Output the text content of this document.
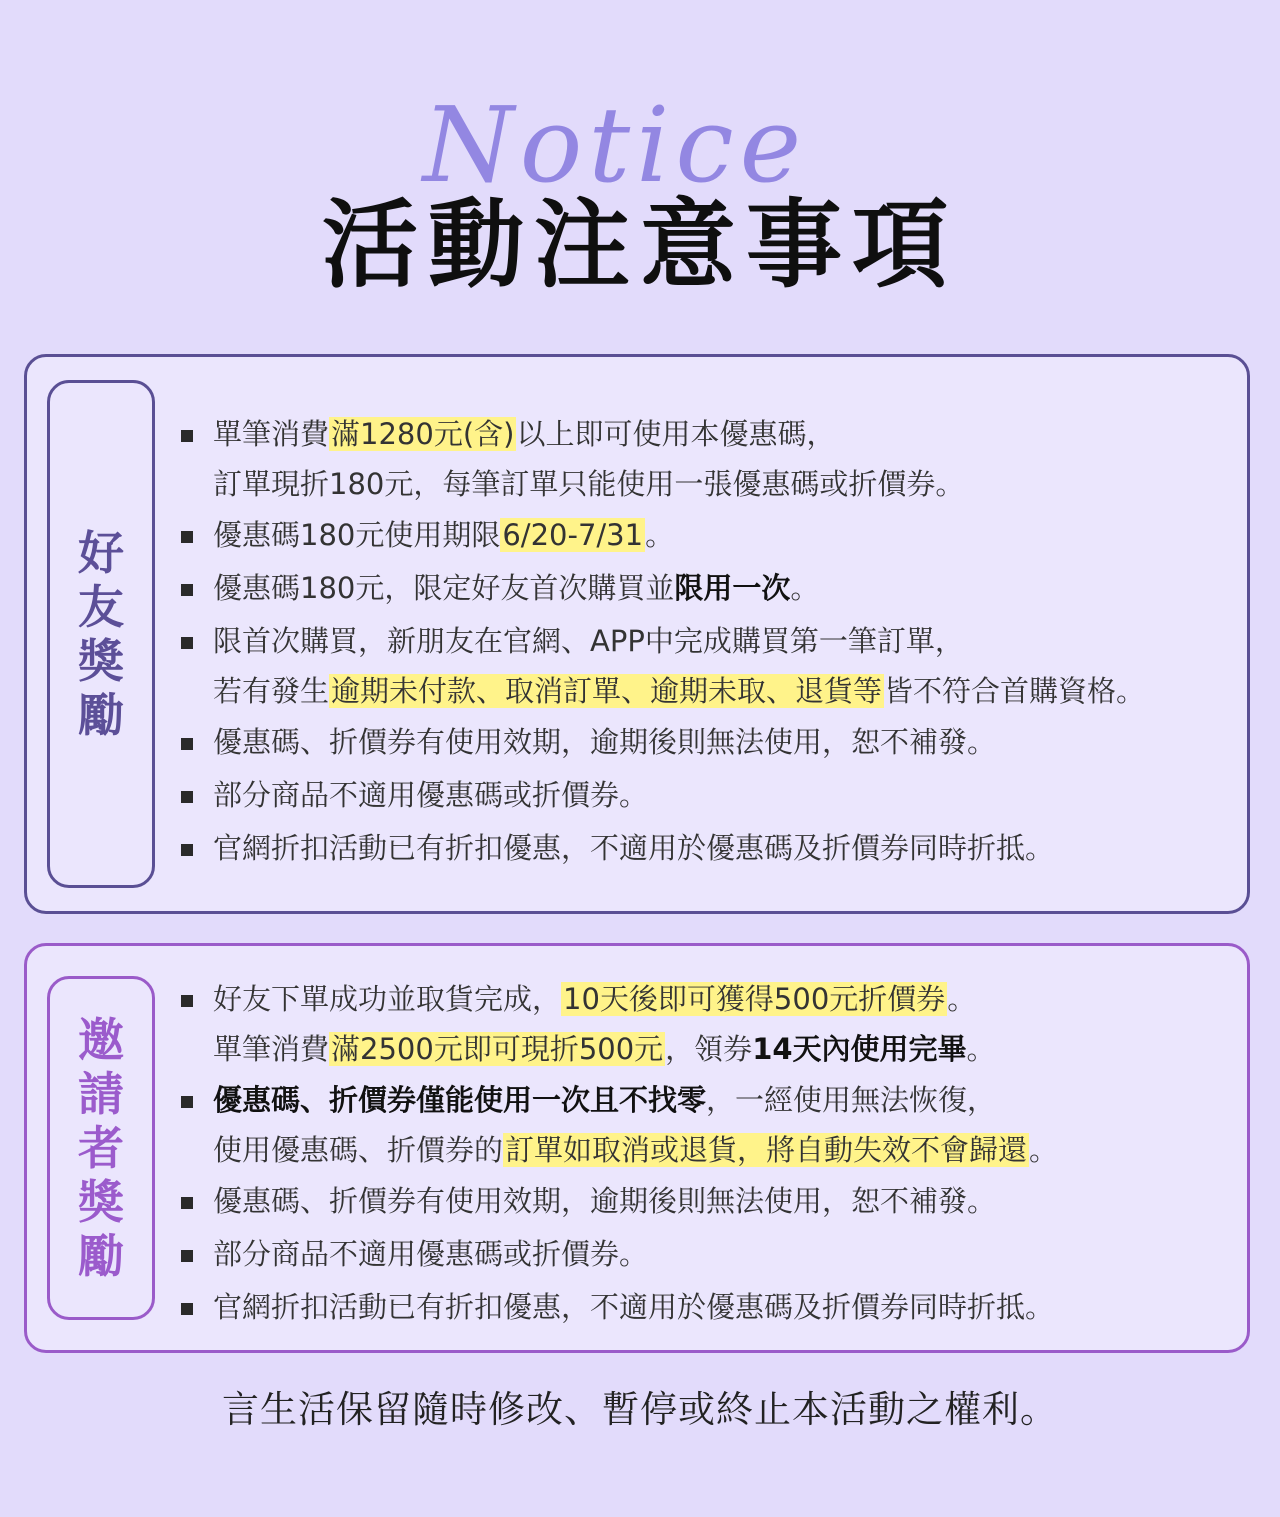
Notice
活動注意事項
好友獎勵
單筆消費滿1280元(含)以上即可使用本優惠碼，
訂單現折180元，每筆訂單只能使用一張優惠碼或折價券。
優惠碼180元使用期限6/20-7/31。
優惠碼180元，限定好友首次購買並限用一次。
限首次購買，新朋友在官網、APP中完成購買第一筆訂單，
若有發生逾期未付款、取消訂單、逾期未取、退貨等皆不符合首購資格。
優惠碼、折價券有使用效期，逾期後則無法使用，恕不補發。
部分商品不適用優惠碼或折價券。
官網折扣活動已有折扣優惠，不適用於優惠碼及折價券同時折抵。
邀請者獎勵
好友下單成功並取貨完成，10天後即可獲得500元折價券。
單筆消費滿2500元即可現折500元，領券14天內使用完畢。
優惠碼、折價券僅能使用一次且不找零，一經使用無法恢復，
使用優惠碼、折價券的訂單如取消或退貨，將自動失效不會歸還。
優惠碼、折價券有使用效期，逾期後則無法使用，恕不補發。
部分商品不適用優惠碼或折價券。
官網折扣活動已有折扣優惠，不適用於優惠碼及折價券同時折抵。
言生活保留隨時修改、暫停或終止本活動之權利。
